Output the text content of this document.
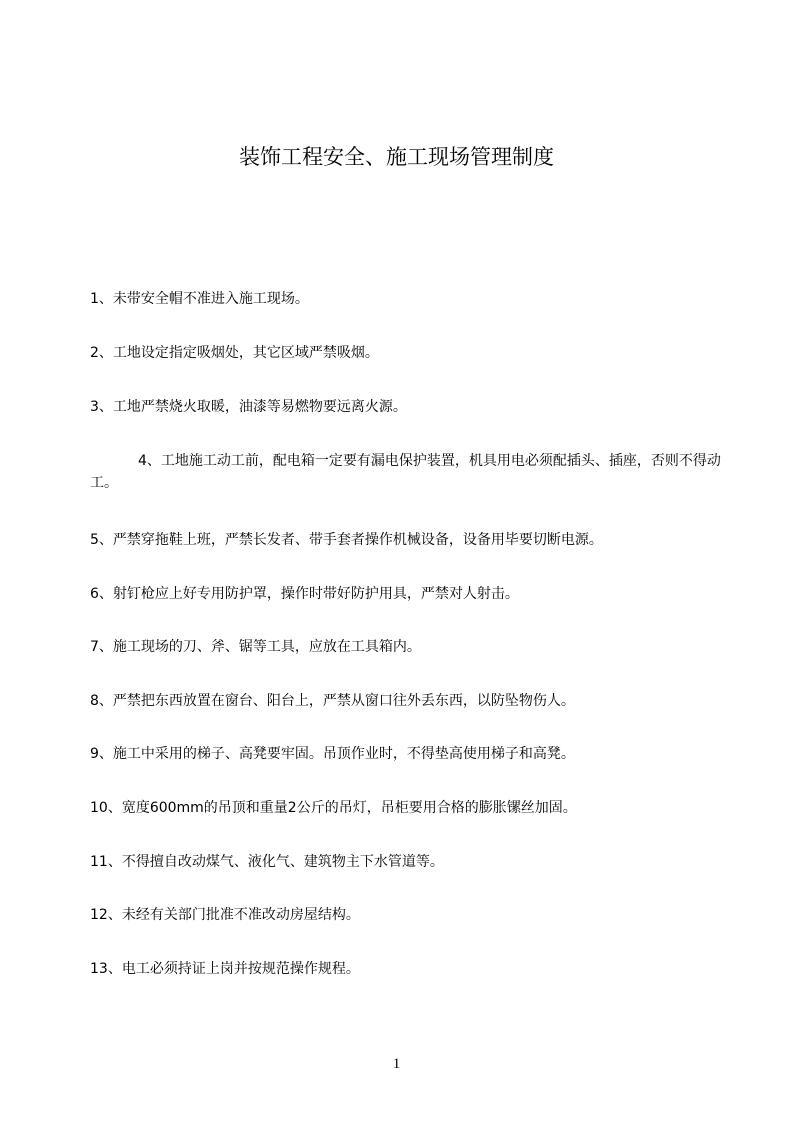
装饰工程安全、施工现场管理制度
1、未带安全帽不准进入施工现场。
2、工地设定指定吸烟处，其它区域严禁吸烟。
3、工地严禁烧火取暖，油漆等易燃物要远离火源。
4、工地施工动工前，配电箱一定要有漏电保护装置，机具用电必须配插头、插座，否则不得动工。
5、严禁穿拖鞋上班，严禁长发者、带手套者操作机械设备，设备用毕要切断电源。
6、射钉枪应上好专用防护罩，操作时带好防护用具，严禁对人射击。
7、施工现场的刀、斧、锯等工具，应放在工具箱内。
8、严禁把东西放置在窗台、阳台上，严禁从窗口往外丢东西，以防坠物伤人。
9、施工中采用的梯子、高凳要牢固。吊顶作业时，不得垫高使用梯子和高凳。
10、宽度600mm的吊顶和重量2公斤的吊灯，吊柜要用合格的膨胀镙丝加固。
11、不得擅自改动煤气、液化气、建筑物主下水管道等。
12、未经有关部门批准不准改动房屋结构。
13、电工必须持证上岗并按规范操作规程。
1
